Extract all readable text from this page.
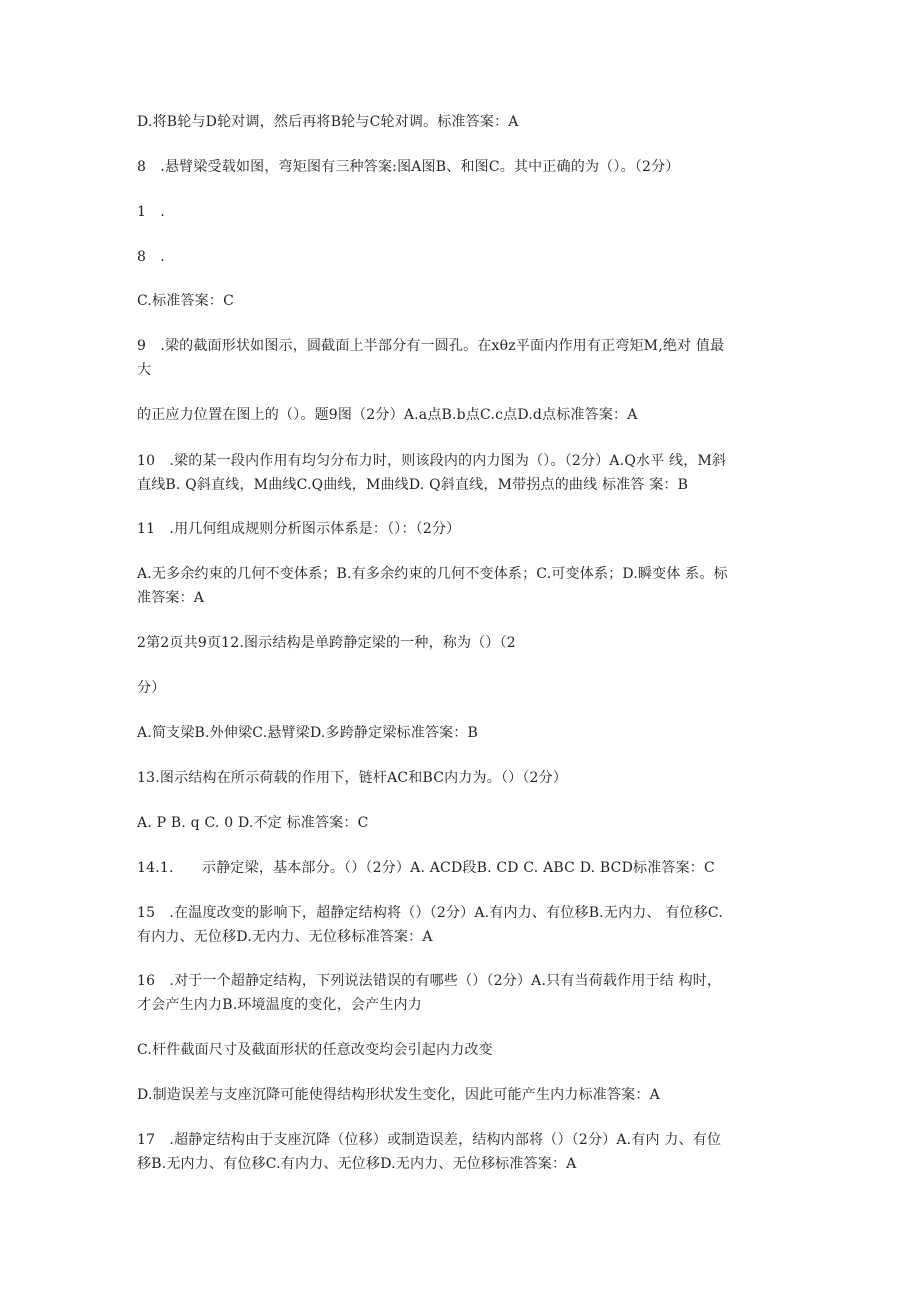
D.将B轮与D轮对调，然后再将B轮与C轮对调。标准答案：A
8　.悬臂梁受载如图，弯矩图有三种答案:图A图B、和图C。其中正确的为（）。（2分）
1　.
8　.
C.标准答案：C
9　.梁的截面形状如图示，圆截面上半部分有一圆孔。在xθz平面内作用有正弯矩M,绝对 值最
大
的正应力位置在图上的（）。题9图（2分）A.a点B.b点C.c点D.d点标准答案：A
10　.梁的某一段内作用有均匀分布力时，则该段内的内力图为（）。（2分）A.Q水平 线，M斜
直线B. Q斜直线，M曲线C.Q曲线，M曲线D. Q斜直线，M带拐点的曲线 标准答 案：B
11　.用几何组成规则分析图示体系是：（）：（2分）
A.无多余约束的几何不变体系；B.有多余约束的几何不变体系；C.可变体系；D.瞬变体 系。标
准答案：A
2第2页共9页12.图示结构是单跨静定梁的一种，称为（）（2
分）
A.简支梁B.外伸梁C.悬臂梁D.多跨静定梁标准答案：B
13.图示结构在所示荷载的作用下，链杆AC和BC内力为。（）（2分）
A. P B. q C. 0 D.不定 标准答案：C
14.1.　　示静定梁，基本部分。（）（2分）A. ACD段B. CD C. ABC D. BCD标准答案：C
15　.在温度改变的影响下，超静定结构将（）（2分）A.有内力、有位移B.无内力、 有位移C.
有内力、无位移D.无内力、无位移标准答案：A
16　.对于一个超静定结构，下列说法错误的有哪些（）（2分）A.只有当荷载作用于结 构时，
才会产生内力B.环境温度的变化，会产生内力
C.杆件截面尺寸及截面形状的任意改变均会引起内力改变
D.制造误差与支座沉降可能使得结构形状发生变化，因此可能产生内力标准答案：A
17　.超静定结构由于支座沉降（位移）或制造误差，结构内部将（）（2分）A.有内 力、有位
移B.无内力、有位移C.有内力、无位移D.无内力、无位移标准答案：A
